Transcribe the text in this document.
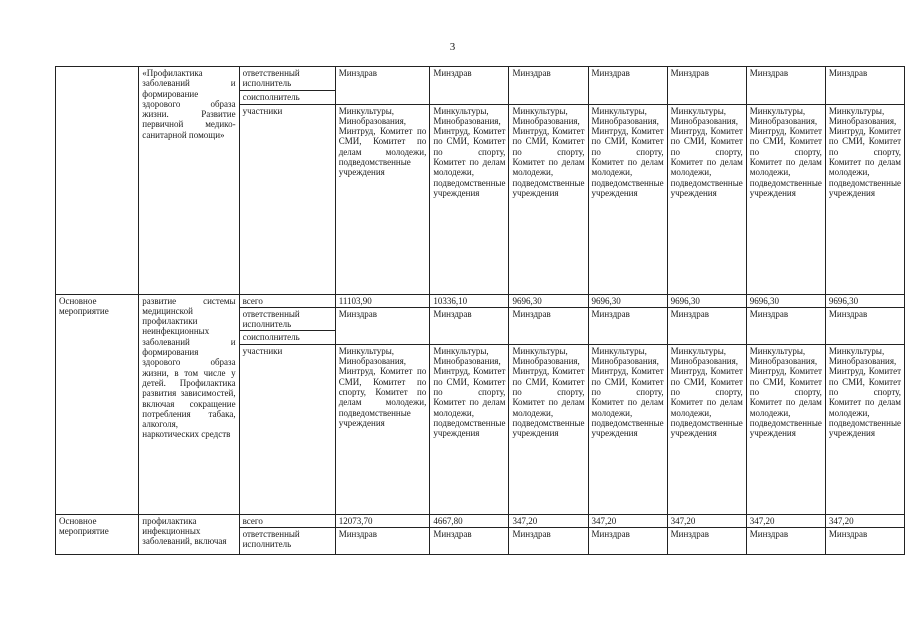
3
	«Профилактика заболеваний и формирование здорового образа жизни. Развитие первичной медико-санитарной помощи»	ответственный исполнитель	Минздрав	Минздрав	Минздрав	Минздрав	Минздрав	Минздрав	Минздрав
		соисполнитель							
		участники	Минкультуры, Минобразования, Минтруд, Комитет по СМИ, Комитет по делам молодежи, подведомственные учреждения	Минкультуры, Минобразования, Минтруд, Комитет по СМИ, Комитет по спорту, Комитет по делам молодежи, подведомственные учреждения	Минкультуры, Минобразования, Минтруд, Комитет по СМИ, Комитет по спорту, Комитет по делам молодежи, подведомственные учреждения	Минкультуры, Минобразования, Минтруд, Комитет по СМИ, Комитет по спорту, Комитет по делам молодежи, подведомственные учреждения	Минкультуры, Минобразования, Минтруд, Комитет по СМИ, Комитет по спорту, Комитет по делам молодежи, подведомственные учреждения	Минкультуры, Минобразования, Минтруд, Комитет по СМИ, Комитет по спорту, Комитет по делам молодежи, подведомственные учреждения	Минкультуры, Минобразования, Минтруд, Комитет по СМИ, Комитет по спорту, Комитет по делам молодежи, подведомственные учреждения
Основное мероприятие	развитие системы медицинской профилактики неинфекционных заболеваний и формирования здорового образа жизни, в том числе у детей. Профилактика развития зависимостей, включая сокращение потребления табака, алкоголя, наркотических средств	всего	11103,90	10336,10	9696,30	9696,30	9696,30	9696,30	9696,30
		ответственный исполнитель	Минздрав	Минздрав	Минздрав	Минздрав	Минздрав	Минздрав	Минздрав
		соисполнитель							
		участники	Минкультуры, Минобразования, Минтруд, Комитет по СМИ, Комитет по спорту, Комитет по делам молодежи, подведомственные учреждения	Минкультуры, Минобразования, Минтруд, Комитет по СМИ, Комитет по спорту, Комитет по делам молодежи, подведомственные учреждения	Минкультуры, Минобразования, Минтруд, Комитет по СМИ, Комитет по спорту, Комитет по делам молодежи, подведомственные учреждения	Минкультуры, Минобразования, Минтруд, Комитет по СМИ, Комитет по спорту, Комитет по делам молодежи, подведомственные учреждения	Минкультуры, Минобразования, Минтруд, Комитет по СМИ, Комитет по спорту, Комитет по делам молодежи, подведомственные учреждения	Минкультуры, Минобразования, Минтруд, Комитет по СМИ, Комитет по спорту, Комитет по делам молодежи, подведомственные учреждения	Минкультуры, Минобразования, Минтруд, Комитет по СМИ, Комитет по спорту, Комитет по делам молодежи, подведомственные учреждения
Основное мероприятие	профилактика инфекционных заболеваний, включая	всего	12073,70	4667,80	347,20	347,20	347,20	347,20	347,20
		ответственный исполнитель	Минздрав	Минздрав	Минздрав	Минздрав	Минздрав	Минздрав	Минздрав
